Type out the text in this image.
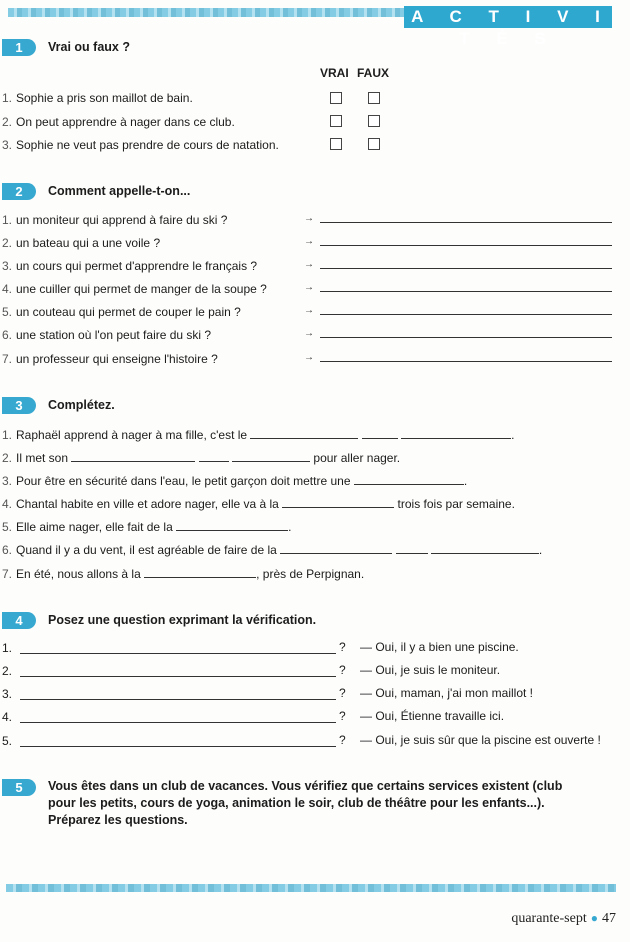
A C T I V I T É S
1	Vrai ou faux ?
VRAI FAUX
1. Sophie a pris son maillot de bain.
2. On peut apprendre à nager dans ce club.
3. Sophie ne veut pas prendre de cours de natation.
2	Comment appelle-t-on...
1. un moniteur qui apprend à faire du ski ?	→
2. un bateau qui a une voile ?	→
3. un cours qui permet d'apprendre le français ?	→
4. une cuiller qui permet de manger de la soupe ?	→
5. un couteau qui permet de couper le pain ?	→
6. une station où l'on peut faire du ski ?	→
7. un professeur qui enseigne l'histoire ?	→
3	Complétez.
1. Raphaël apprend à nager à ma fille, c'est le	.
2. Il met son	pour aller nager.
3. Pour être en sécurité dans l'eau, le petit garçon doit mettre une	.
4. Chantal habite en ville et adore nager, elle va à la	trois fois par semaine.
5. Elle aime nager, elle fait de la	.
6. Quand il y a du vent, il est agréable de faire de la	.
7. En été, nous allons à la	, près de Perpignan.
4	Posez une question exprimant la vérification.
1.	? — Oui, il y a bien une piscine.
2.	? — Oui, je suis le moniteur.
3.	? — Oui, maman, j'ai mon maillot !
4.	? — Oui, Étienne travaille ici.
5.	? — Oui, je suis sûr que la piscine est ouverte !
5	Vous êtes dans un club de vacances. Vous vérifiez que certains services existent (club pour les petits, cours de yoga, animation le soir, club de théâtre pour les enfants...). Préparez les questions.
quarante-sept ● 47
